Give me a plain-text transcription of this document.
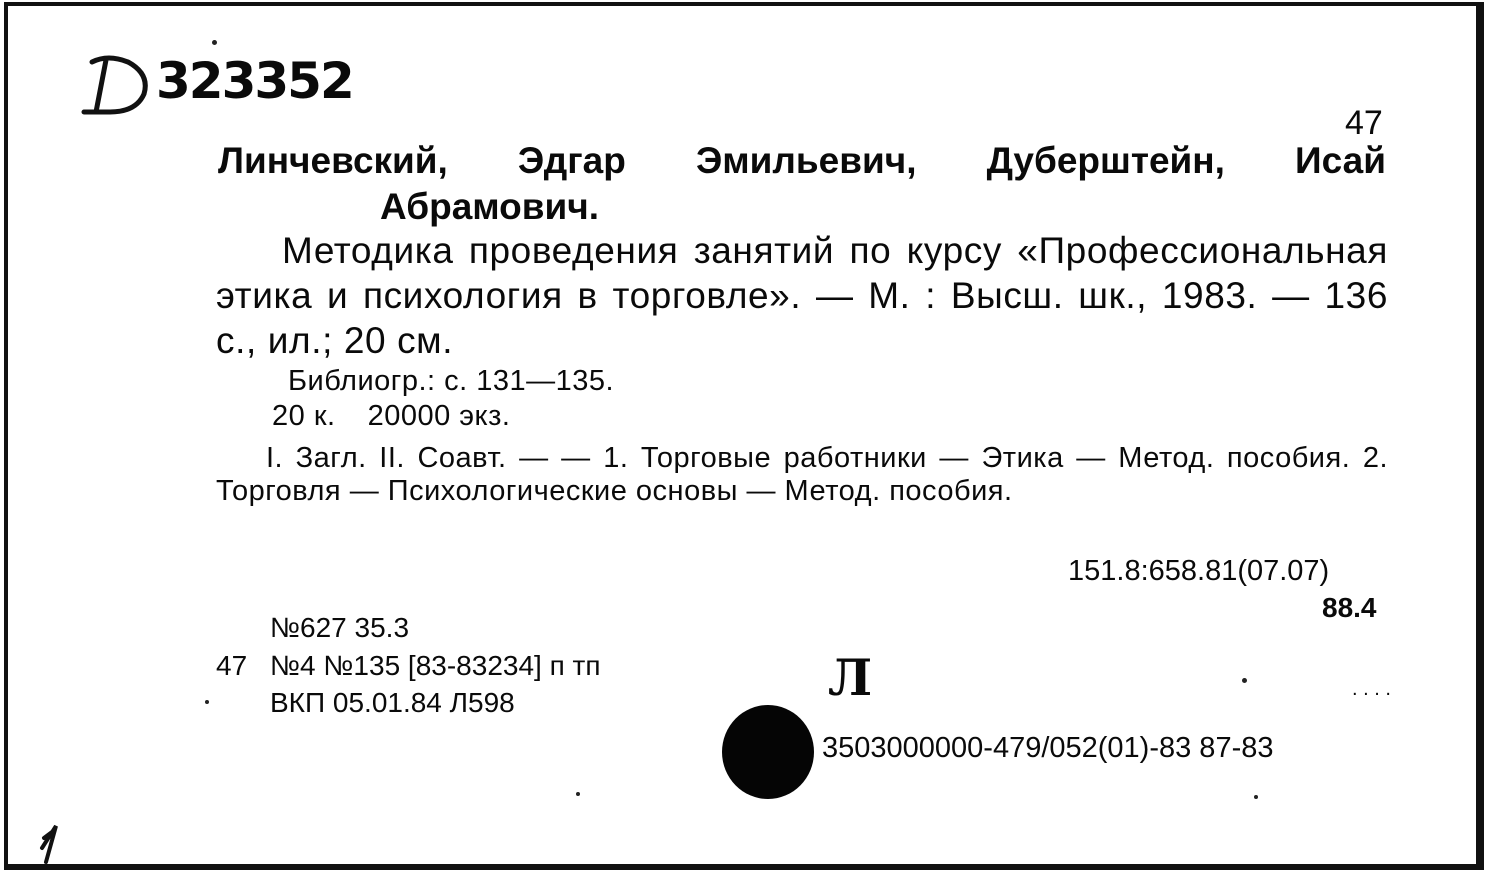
323352
47
Линчевский, Эдгар Эмильевич, Дуберштейн, Исай
Абрамович.
Методика проведения занятий по курсу «Профессиональная этика и психология в торговле». — М. : Высш. шк., 1983. — 136 с., ил.; 20 см.
Библиогр.: с. 131—135.
20 к. 20000 экз.
I. Загл. II. Соавт. — — 1. Торговые работники — Этика — Метод. пособия. 2. Торговля — Психологические основы — Метод. пособия.
151.8:658.81(07.07)
88.4
№627 35.3
47 №4 №135 [83-83234] п тп
ВКП 05.01.84 Л598	Л
3503000000-479/052(01)-83 87-83
. . . .
